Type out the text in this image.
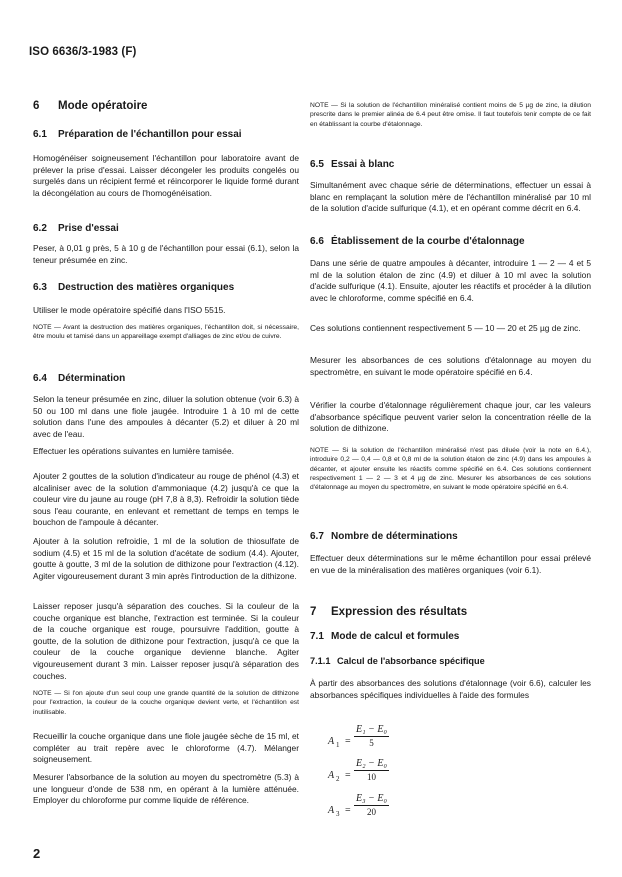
ISO 6636/3-1983 (F)
6 Mode opératoire
6.1 Préparation de l'échantillon pour essai

Homogénéiser soigneusement l'échantillon pour laboratoire avant de prélever la prise d'essai. Laisser décongeler les produits congelés ou surgelés dans un récipient fermé et réincorporer le liquide formé durant la décongélation au cours de l'homogénéisation.

6.2 Prise d'essai

Peser, à 0,01 g près, 5 à 10 g de l'échantillon pour essai (6.1), selon la teneur présumée en zinc.

6.3 Destruction des matières organiques

Utiliser le mode opératoire spécifié dans l'ISO 5515.

NOTE — Avant la destruction des matières organiques, l'échantillon doit, si nécessaire, être moulu et tamisé dans un appareillage exempt d'alliages de zinc et/ou de cuivre.

6.4 Détermination

Selon la teneur présumée en zinc, diluer la solution obtenue (voir 6.3) à 50 ou 100 ml dans une fiole jaugée. Introduire 1 à 10 ml de cette solution dans l'une des ampoules à décanter (5.2) et diluer à 20 ml avec de l'eau.

Effectuer les opérations suivantes en lumière tamisée.

Ajouter 2 gouttes de la solution d'indicateur au rouge de phénol (4.3) et alcaliniser avec de la solution d'ammoniaque (4.2) jusqu'à ce que la couleur vire du jaune au rouge (pH 7,8 à 8,3). Refroidir la solution tiède sous l'eau courante, en enlevant et remettant de temps en temps le bouchon de l'ampoule à décanter.

Ajouter à la solution refroidie, 1 ml de la solution de thiosulfate de sodium (4.5) et 15 ml de la solution d'acétate de sodium (4.4). Ajouter, goutte à goutte, 3 ml de la solution de dithizone pour l'extraction (4.12). Agiter vigoureusement durant 3 min après l'introduction de la dithizone.

Laisser reposer jusqu'à séparation des couches. Si la couleur de la couche organique est blanche, l'extraction est terminée. Si la couleur de la couche organique est rouge, poursuivre l'addition, goutte à goutte, de la solution de dithizone pour l'extraction, jusqu'à ce que la couleur de la couche organique devienne blanche. Agiter vigoureusement durant 3 min. Laisser reposer jusqu'à séparation des couches.

NOTE — Si l'on ajoute d'un seul coup une grande quantité de la solution de dithizone pour l'extraction, la couleur de la couche organique devient verte, et l'échantillon est inutilisable.

Recueillir la couche organique dans une fiole jaugée sèche de 15 ml, et compléter au trait repère avec le chloroforme (4.7). Mélanger soigneusement.

Mesurer l'absorbance de la solution au moyen du spectromètre (5.3) à une longueur d'onde de 538 nm, en opérant à la lumière atténuée. Employer du chloroforme pur comme liquide de référence.

NOTE — Si la solution de l'échantillon minéralisé contient moins de 5 µg de zinc, la dilution prescrite dans le premier alinéa de 6.4 peut être omise. Il faut toutefois tenir compte de ce fait en établissant la courbe d'étalonnage.

6.5 Essai à blanc

Simultanément avec chaque série de déterminations, effectuer un essai à blanc en remplaçant la solution mère de l'échantillon minéralisé par 10 ml de la solution d'acide sulfurique (4.1), et en opérant comme décrit en 6.4.

6.6 Établissement de la courbe d'étalonnage

Dans une série de quatre ampoules à décanter, introduire 1 — 2 — 4 et 5 ml de la solution étalon de zinc (4.9) et diluer à 10 ml avec la solution d'acide sulfurique (4.1). Ensuite, ajouter les réactifs et procéder à la dilution avec le chloroforme, comme spécifié en 6.4.

Ces solutions contiennent respectivement 5 — 10 — 20 et 25 µg de zinc.

Mesurer les absorbances de ces solutions d'étalonnage au moyen du spectromètre, en suivant le mode opératoire spécifié en 6.4.

Vérifier la courbe d'étalonnage régulièrement chaque jour, car les valeurs d'absorbance spécifique peuvent varier selon la concentration réelle de la solution de dithizone.

NOTE — Si la solution de l'échantillon minéralisé n'est pas diluée (voir la note en 6.4.), introduire 0,2 — 0,4 — 0,8 et 0,8 ml de la solution étalon de zinc (4.9) dans les ampoules à décanter, et ajouter ensuite les réactifs comme spécifié en 6.4. Ces solutions contiennent respectivement 1 — 2 — 3 et 4 µg de zinc. Mesurer les absorbances de ces solutions d'étalonnage au moyen du spectromètre, en suivant le mode opératoire spécifié en 6.4.

6.7 Nombre de déterminations

Effectuer deux déterminations sur le même échantillon pour essai prélevé en vue de la minéralisation des matières organiques (voir 6.1).

7 Expression des résultats
7.1 Mode de calcul et formules
7.1.1 Calcul de l'absorbance spécifique

À partir des absorbances des solutions d'étalonnage (voir 6.6), calculer les absorbances spécifiques individuelles à l'aide des formules

A $1 = \frac{\text{E₁ − E₀}}{5}$
A $2 = \frac{\text{E₂ − E₀}}{10}$
A $3 = \frac{\text{E₃ − E₀}}{20}$
2
